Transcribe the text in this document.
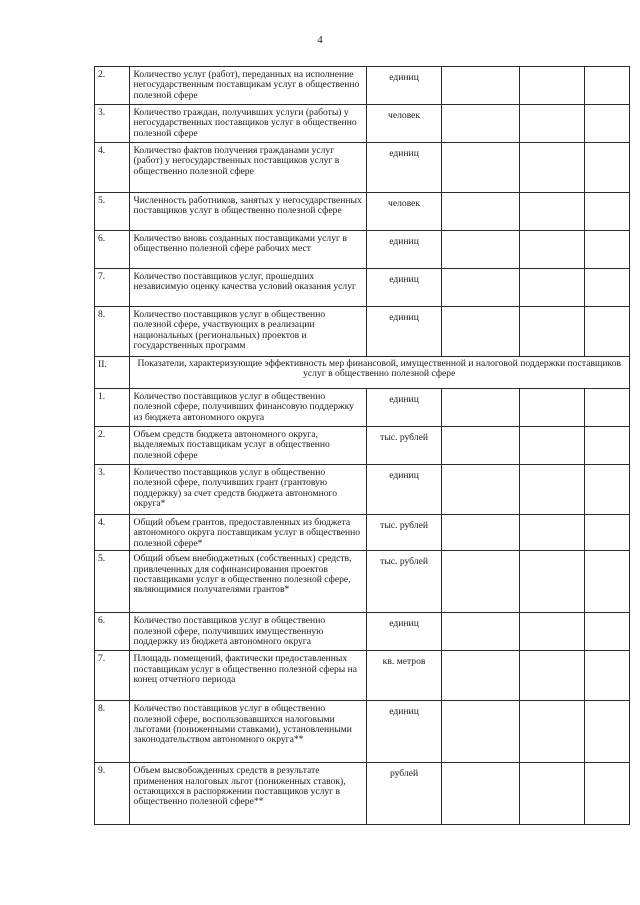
4
2.	Количество услуг (работ), переданных на исполнение негосударственным поставщикам услуг в общественно полезной сфере	единиц			
3.	Количество граждан, получивших услуги (работы) у негосударственных поставщиков услуг в общественно полезной сфере	человек			
4.	Количество фактов получения гражданами услуг (работ) у негосударственных поставщиков услуг в общественно полезной сфере	единиц			
5.	Численность работников, занятых у негосударственных поставщиков услуг в общественно полезной сфере	человек			
6.	Количество вновь созданных поставщиками услуг в общественно полезной сфере рабочих мест	единиц			
7.	Количество поставщиков услуг, прошедших независимую оценку качества условий оказания услуг	единиц			
8.	Количество поставщиков услуг в общественно полезной сфере, участвующих в реализации национальных (региональных) проектов и государственных программ	единиц			
II.	Показатели, характеризующие эффективность мер финансовой, имущественной и налоговой поддержки поставщиков услуг в общественно полезной сфере				
1.	Количество поставщиков услуг в общественно полезной сфере, получивших финансовую поддержку из бюджета автономного округа	единиц			
2.	Объем средств бюджета автономного округа, выделяемых поставщикам услуг в общественно полезной сфере	тыс. рублей			
3.	Количество поставщиков услуг в общественно полезной сфере, получивших грант (грантовую поддержку) за счет средств бюджета автономного округа*	единиц			
4.	Общий объем грантов, предоставленных из бюджета автономного округа поставщикам услуг в общественно полезной сфере*	тыс. рублей			
5.	Общий объем внебюджетных (собственных) средств, привлеченных для софинансирования проектов поставщиками услуг в общественно полезной сфере, являющимися получателями грантов*	тыс. рублей			
6.	Количество поставщиков услуг в общественно полезной сфере, получивших имущественную поддержку из бюджета автономного округа	единиц			
7.	Площадь помещений, фактически предоставленных поставщикам услуг в общественно полезной сферы на конец отчетного периода	кв. метров			
8.	Количество поставщиков услуг в общественно полезной сфере, воспользовавшихся налоговыми льготами (пониженными ставками), установленными законодательством автономного округа**	единиц			
9.	Объем высвобожденных средств в результате применения налоговых льгот (пониженных ставок), остающихся в распоряжении поставщиков услуг в общественно полезной сфере**	рублей			
